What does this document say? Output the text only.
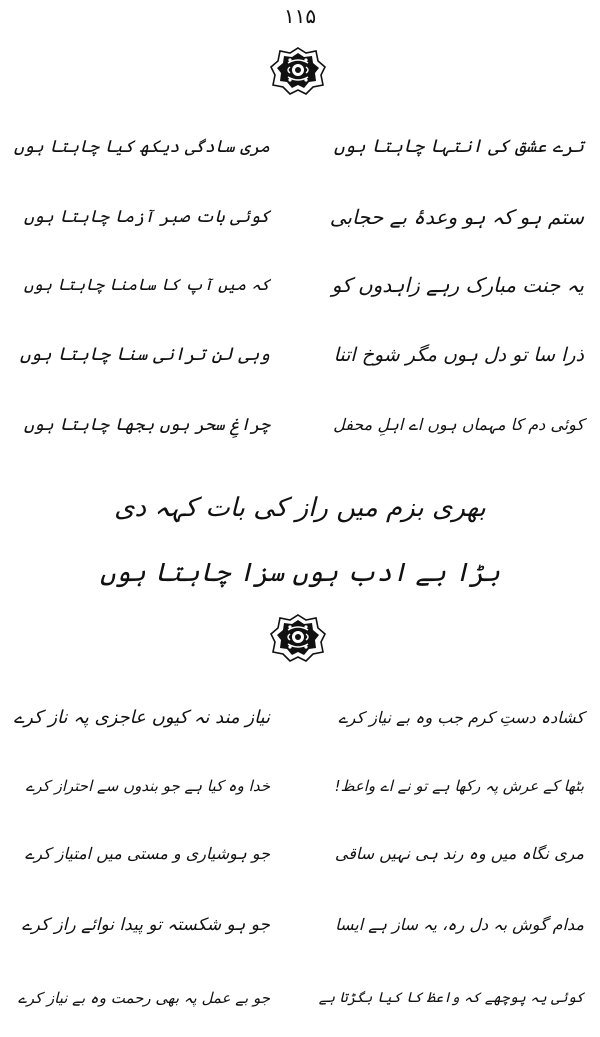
۱۱۵
ترے عشق کی انتہا چاہتا ہوں
مری سادگی دیکھ کیا چاہتا ہوں
ستم ہو کہ ہو وعدۂ بے حجابی
کوئی بات صبر آزما چاہتا ہوں
یہ جنت مبارک رہے زاہدوں کو
کہ میں آپ کا سامنا چاہتا ہوں
ذرا سا تو دل ہوں مگر شوخ اتنا
وہی لن ترانی سنا چاہتا ہوں
کوئی دم کا مہماں ہوں اے اہلِ محفل
چراغِ سحر ہوں بجھا چاہتا ہوں
بھری بزم میں راز کی بات کہہ دی
بڑا بے ادب ہوں سزا چاہتا ہوں
کشادہ دستِ کرم جب وہ بے نیاز کرے
نیاز مند نہ کیوں عاجزی پہ ناز کرے
بٹھا کے عرش پہ رکھا ہے تو نے اے واعظ!
خدا وہ کیا ہے جو بندوں سے احتراز کرے
مری نگاہ میں وہ رند ہی نہیں ساقی
جو ہوشیاری و مستی میں امتیاز کرے
مدام گوش بہ دل رہ، یہ ساز ہے ایسا
جو ہو شکستہ تو پیدا نوائے راز کرے
کوئی یہ پوچھے کہ واعظ کا کیا بگڑتا ہے
جو بے عمل پہ بھی رحمت وہ بے نیاز کرے
